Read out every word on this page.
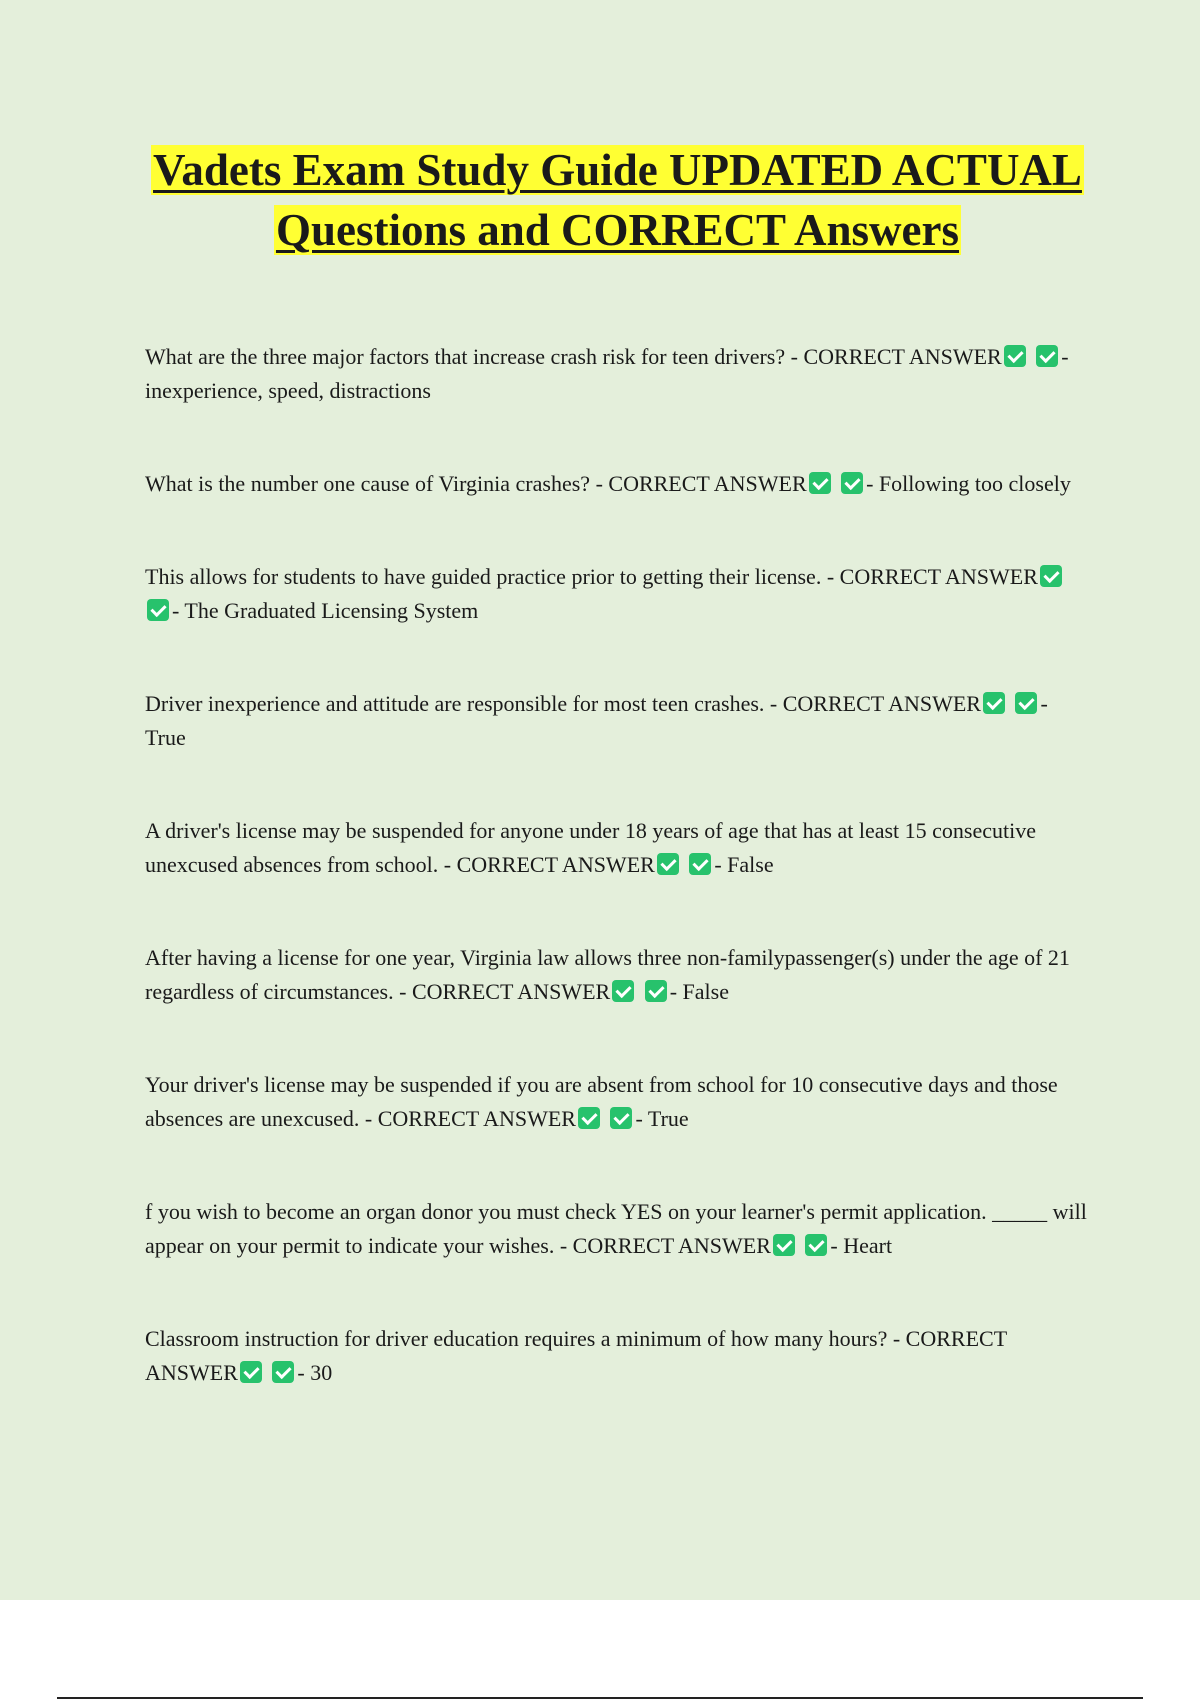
Vadets Exam Study Guide UPDATED ACTUAL Questions and CORRECT Answers

What are the three major factors that increase crash risk for teen drivers? - CORRECT ANSWER	- inexperience, speed, distractions

What is the number one cause of Virginia crashes? - CORRECT ANSWER	- Following too closely

This allows for students to have guided practice prior to getting their license. - CORRECT ANSWER - The Graduated Licensing System

Driver inexperience and attitude are responsible for most teen crashes. - CORRECT ANSWER	- True

A driver's license may be suspended for anyone under 18 years of age that has at least 15 consecutive unexcused absences from school. - CORRECT ANSWER	- False

After having a license for one year, Virginia law allows three non-familypassenger(s) under the age of 21 regardless of circumstances. - CORRECT ANSWER	- False

Your driver's license may be suspended if you are absent from school for 10 consecutive days and those absences are unexcused. - CORRECT ANSWER	- True

f you wish to become an organ donor you must check YES on your learner's permit application. _____ will appear on your permit to indicate your wishes. - CORRECT ANSWER	- Heart

Classroom instruction for driver education requires a minimum of how many hours? - CORRECT ANSWER	- 30
